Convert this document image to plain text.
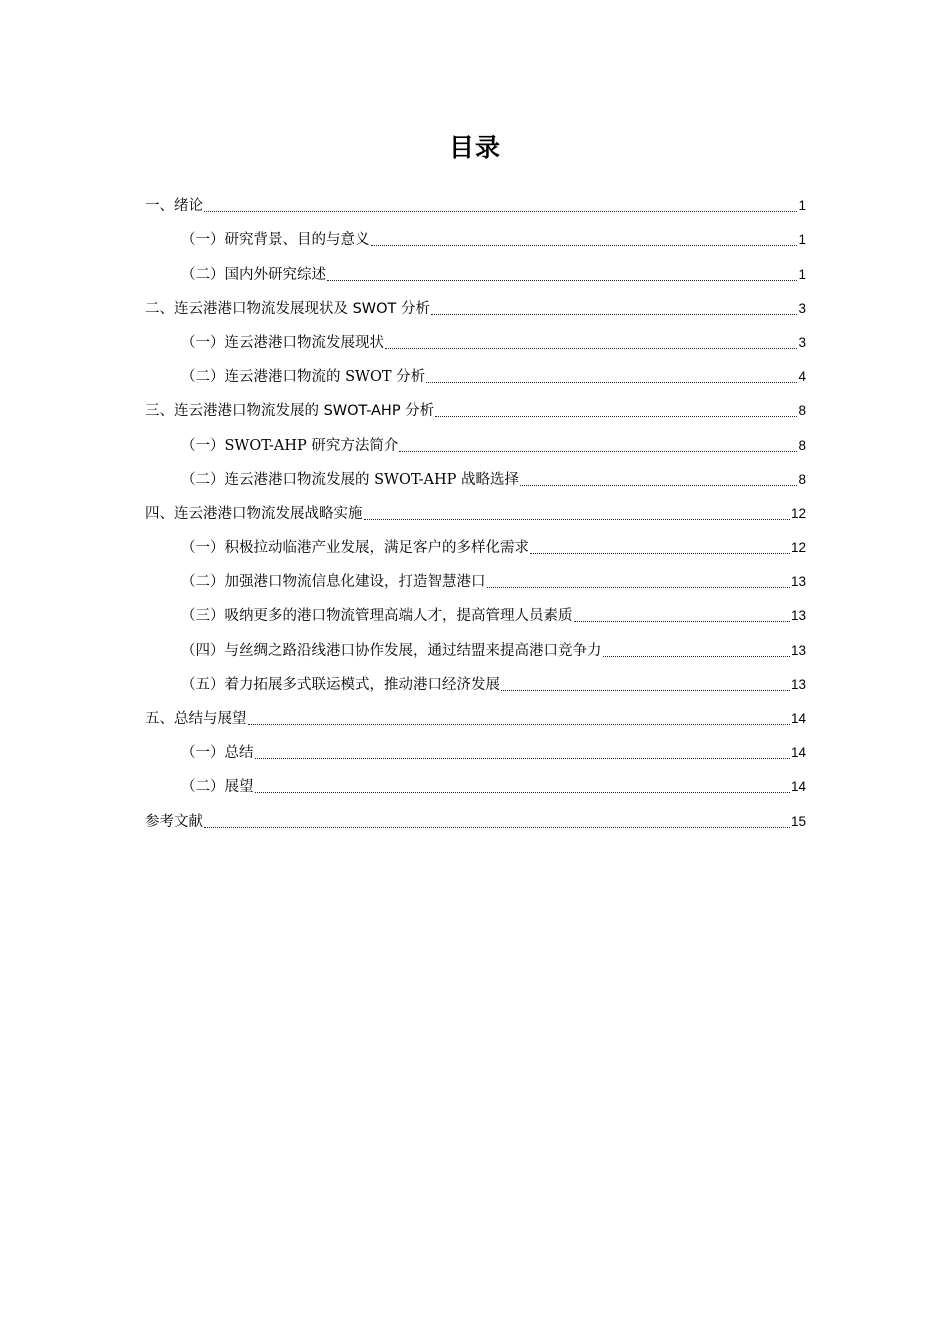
目录
一、绪论	1
（一）研究背景、目的与意义	1
（二）国内外研究综述	1
二、连云港港口物流发展现状及 SWOT 分析	3
（一）连云港港口物流发展现状	3
（二）连云港港口物流的 SWOT 分析	4
三、连云港港口物流发展的 SWOT-AHP 分析	8
（一）SWOT-AHP 研究方法简介	8
（二）连云港港口物流发展的 SWOT-AHP 战略选择	8
四、连云港港口物流发展战略实施	12
（一）积极拉动临港产业发展，满足客户的多样化需求	12
（二）加强港口物流信息化建设，打造智慧港口	13
（三）吸纳更多的港口物流管理高端人才，提高管理人员素质	13
（四）与丝绸之路沿线港口协作发展，通过结盟来提高港口竞争力	13
（五）着力拓展多式联运模式，推动港口经济发展	13
五、总结与展望	14
（一）总结	14
（二）展望	14
参考文献	15
